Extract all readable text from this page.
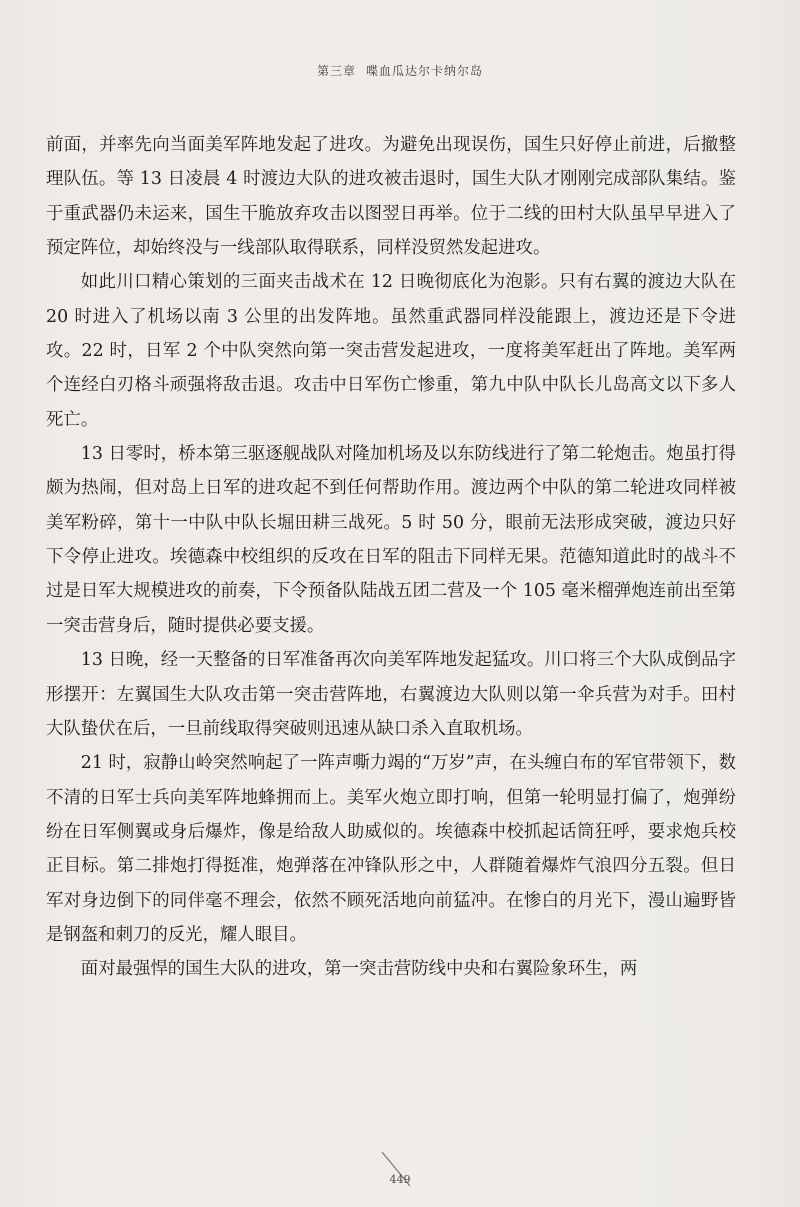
第三章 喋血瓜达尔卡纳尔岛

前面，并率先向当面美军阵地发起了进攻。为避免出现误伤，国生只好停止前进，后撤整理队伍。等 13 日凌晨 4 时渡边大队的进攻被击退时，国生大队才刚刚完成部队集结。鉴于重武器仍未运来，国生干脆放弃攻击以图翌日再举。位于二线的田村大队虽早早进入了预定阵位，却始终没与一线部队取得联系，同样没贸然发起进攻。

如此川口精心策划的三面夹击战术在 12 日晚彻底化为泡影。只有右翼的渡边大队在 20 时进入了机场以南 3 公里的出发阵地。虽然重武器同样没能跟上，渡边还是下令进攻。22 时，日军 2 个中队突然向第一突击营发起进攻，一度将美军赶出了阵地。美军两个连经白刃格斗顽强将敌击退。攻击中日军伤亡惨重，第九中队中队长儿岛高文以下多人死亡。

13 日零时，桥本第三驱逐舰战队对隆加机场及以东防线进行了第二轮炮击。炮虽打得颇为热闹，但对岛上日军的进攻起不到任何帮助作用。渡边两个中队的第二轮进攻同样被美军粉碎，第十一中队中队长堀田耕三战死。5 时 50 分，眼前无法形成突破，渡边只好下令停止进攻。埃德森中校组织的反攻在日军的阻击下同样无果。范德知道此时的战斗不过是日军大规模进攻的前奏，下令预备队陆战五团二营及一个 105 毫米榴弹炮连前出至第一突击营身后，随时提供必要支援。

13 日晚，经一天整备的日军准备再次向美军阵地发起猛攻。川口将三个大队成倒品字形摆开：左翼国生大队攻击第一突击营阵地，右翼渡边大队则以第一伞兵营为对手。田村大队蛰伏在后，一旦前线取得突破则迅速从缺口杀入直取机场。

21 时，寂静山岭突然响起了一阵声嘶力竭的“万岁”声，在头缠白布的军官带领下，数不清的日军士兵向美军阵地蜂拥而上。美军火炮立即打响，但第一轮明显打偏了，炮弹纷纷在日军侧翼或身后爆炸，像是给敌人助威似的。埃德森中校抓起话筒狂呼，要求炮兵校正目标。第二排炮打得挺准，炮弹落在冲锋队形之中，人群随着爆炸气浪四分五裂。但日军对身边倒下的同伴毫不理会，依然不顾死活地向前猛冲。在惨白的月光下，漫山遍野皆是钢盔和刺刀的反光，耀人眼目。

面对最强悍的国生大队的进攻，第一突击营防线中央和右翼险象环生，两

449
